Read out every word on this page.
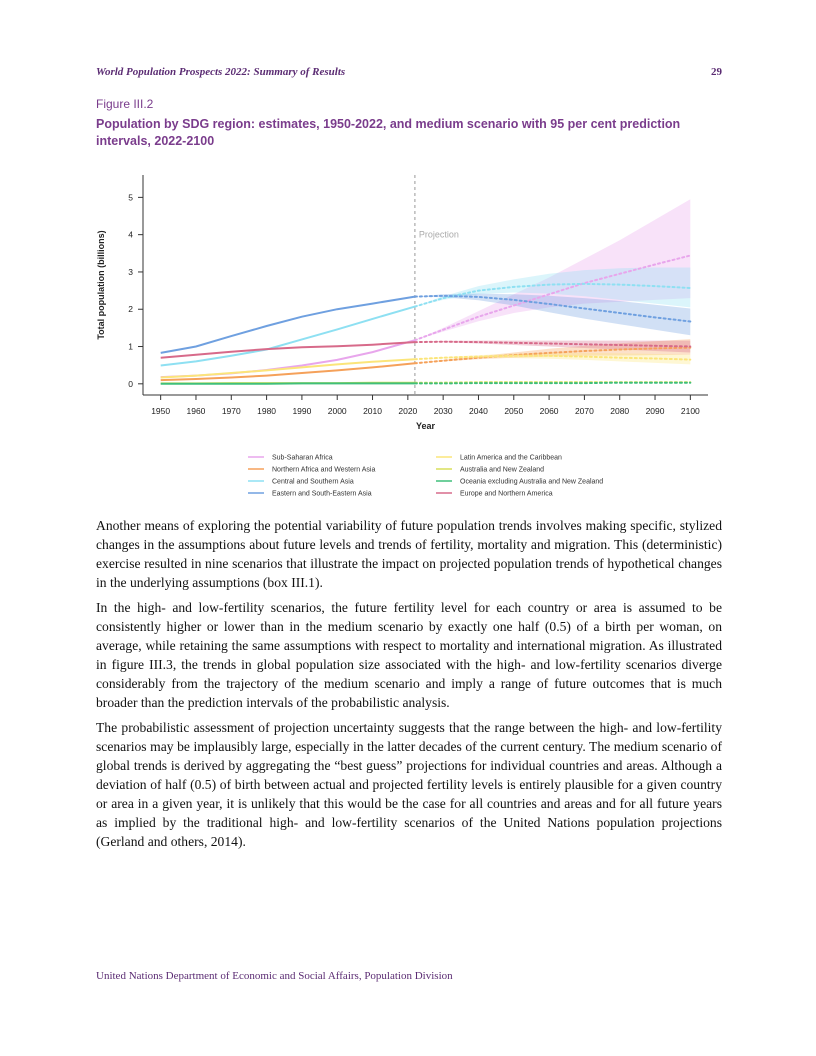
World Population Prospects 2022: Summary of Results	29
Figure III.2
Population by SDG region: estimates, 1950-2022, and medium scenario with 95 per cent prediction intervals, 2022-2100
1950 1960 1970 1980 1990 2000 2010 2020 2030 2040 2050 2060 2070 2080 2090 2100
0
1
2
3
4
5
Year
Total population (billions)	Projection
Sub-Saharan Africa
Northern Africa and Western Asia
Central and Southern Asia
Eastern and South-Eastern Asia
Latin America and the Caribbean
Australia and New Zealand
Oceania excluding Australia and New Zealand
Europe and Northern America

Another means of exploring the potential variability of future population trends involves making specific, stylized changes in the assumptions about future levels and trends of fertility, mortality and migration. This (deterministic) exercise resulted in nine scenarios that illustrate the impact on projected population trends of hypothetical changes in the underlying assumptions (box III.1).

In the high- and low-fertility scenarios, the future fertility level for each country or area is assumed to be consistently higher or lower than in the medium scenario by exactly one half (0.5) of a birth per woman, on average, while retaining the same assumptions with respect to mortality and international migration. As illustrated in figure III.3, the trends in global population size associated with the high- and low-fertility scenarios diverge considerably from the trajectory of the medium scenario and imply a range of future outcomes that is much broader than the prediction intervals of the probabilistic analysis.

The probabilistic assessment of projection uncertainty suggests that the range between the high- and low-fertility scenarios may be implausibly large, especially in the latter decades of the current century. The medium scenario of global trends is derived by aggregating the “best guess” projections for individual countries and areas. Although a deviation of half (0.5) of birth between actual and projected fertility levels is entirely plausible for a given country or area in a given year, it is unlikely that this would be the case for all countries and areas and for all future years as implied by the traditional high- and low-fertility scenarios of the United Nations population projections (Gerland and others, 2014).

United Nations Department of Economic and Social Affairs, Population Division
